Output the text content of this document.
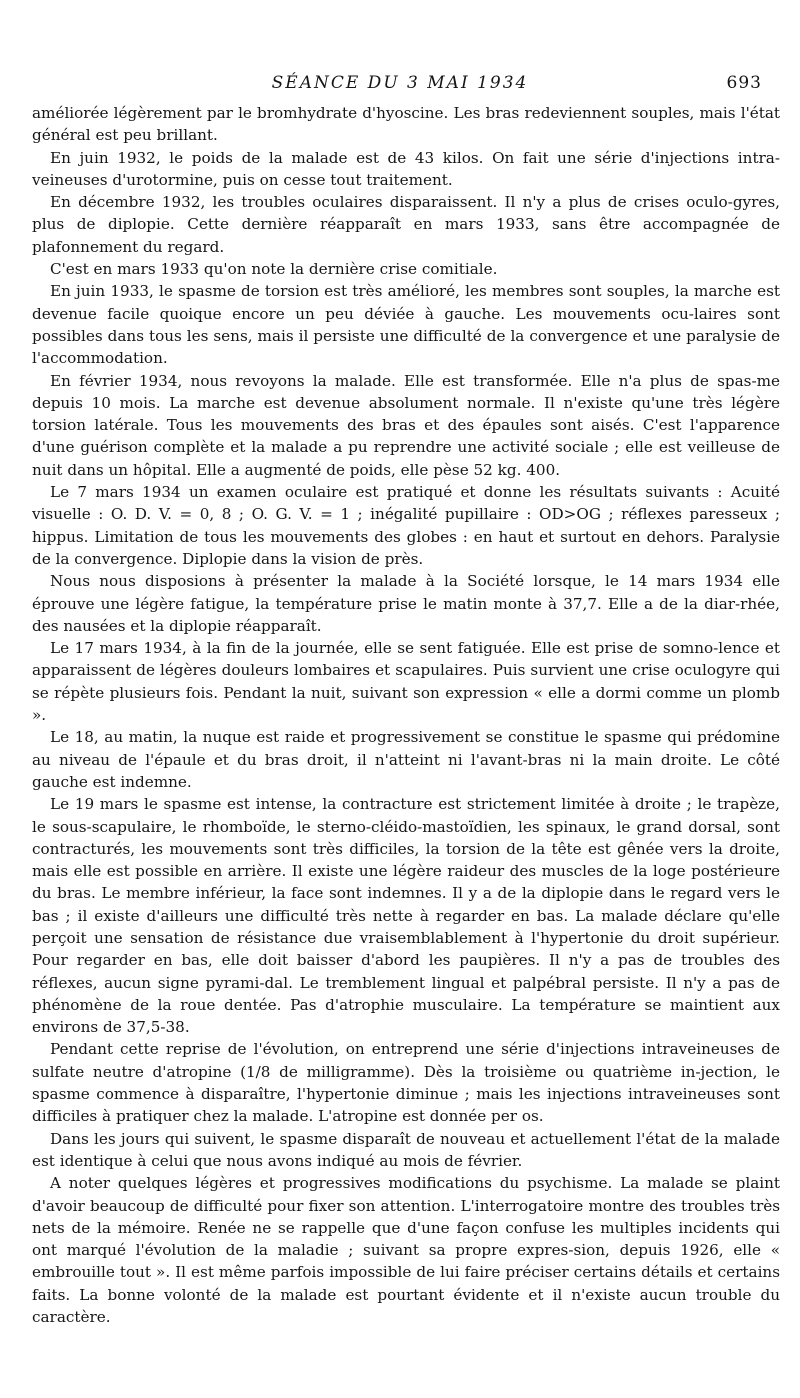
SÉANCE DU 3 MAI 1934	693

améliorée légèrement par le bromhydrate d'hyoscine. Les bras redeviennent souples, mais l'état général est peu brillant.

En juin 1932, le poids de la malade est de 43 kilos. On fait une série d'injections intra-veineuses d'urotormine, puis on cesse tout traitement.

En décembre 1932, les troubles oculaires disparaissent. Il n'y a plus de crises oculo-gyres, plus de diplopie. Cette dernière réapparaît en mars 1933, sans être accompagnée de plafonnement du regard.

C'est en mars 1933 qu'on note la dernière crise comitiale.

En juin 1933, le spasme de torsion est très amélioré, les membres sont souples, la marche est devenue facile quoique encore un peu déviée à gauche. Les mouvements ocu-laires sont possibles dans tous les sens, mais il persiste une difficulté de la convergence et une paralysie de l'accommodation.

En février 1934, nous revoyons la malade. Elle est transformée. Elle n'a plus de spas-me depuis 10 mois. La marche est devenue absolument normale. Il n'existe qu'une très légère torsion latérale. Tous les mouvements des bras et des épaules sont aisés. C'est l'apparence d'une guérison complète et la malade a pu reprendre une activité sociale ; elle est veilleuse de nuit dans un hôpital. Elle a augmenté de poids, elle pèse 52 kg. 400.

Le 7 mars 1934 un examen oculaire est pratiqué et donne les résultats suivants : Acuité visuelle : O. D. V. = 0, 8 ; O. G. V. = 1 ; inégalité pupillaire : OD>OG ; réflexes paresseux ; hippus. Limitation de tous les mouvements des globes : en haut et surtout en dehors. Paralysie de la convergence. Diplopie dans la vision de près.

Nous nous disposions à présenter la malade à la Société lorsque, le 14 mars 1934 elle éprouve une légère fatigue, la température prise le matin monte à 37,7. Elle a de la diar-rhée, des nausées et la diplopie réapparaît.

Le 17 mars 1934, à la fin de la journée, elle se sent fatiguée. Elle est prise de somno-lence et apparaissent de légères douleurs lombaires et scapulaires. Puis survient une crise oculogyre qui se répète plusieurs fois. Pendant la nuit, suivant son expression « elle a dormi comme un plomb ».

Le 18, au matin, la nuque est raide et progressivement se constitue le spasme qui prédomine au niveau de l'épaule et du bras droit, il n'atteint ni l'avant-bras ni la main droite. Le côté gauche est indemne.

Le 19 mars le spasme est intense, la contracture est strictement limitée à droite ; le trapèze, le sous-scapulaire, le rhomboïde, le sterno-cléido-mastoïdien, les spinaux, le grand dorsal, sont contracturés, les mouvements sont très difficiles, la torsion de la tête est gênée vers la droite, mais elle est possible en arrière. Il existe une légère raideur des muscles de la loge postérieure du bras. Le membre inférieur, la face sont indemnes. Il y a de la diplopie dans le regard vers le bas ; il existe d'ailleurs une difficulté très nette à regarder en bas. La malade déclare qu'elle perçoit une sensation de résistance due vraisemblablement à l'hypertonie du droit supérieur. Pour regarder en bas, elle doit baisser d'abord les paupières. Il n'y a pas de troubles des réflexes, aucun signe pyrami-dal. Le tremblement lingual et palpébral persiste. Il n'y a pas de phénomène de la roue dentée. Pas d'atrophie musculaire. La température se maintient aux environs de 37,5-38.

Pendant cette reprise de l'évolution, on entreprend une série d'injections intraveineuses de sulfate neutre d'atropine (1/8 de milligramme). Dès la troisième ou quatrième in-jection, le spasme commence à disparaître, l'hypertonie diminue ; mais les injections intraveineuses sont difficiles à pratiquer chez la malade. L'atropine est donnée per os.

Dans les jours qui suivent, le spasme disparaît de nouveau et actuellement l'état de la malade est identique à celui que nous avons indiqué au mois de février.

A noter quelques légères et progressives modifications du psychisme. La malade se plaint d'avoir beaucoup de difficulté pour fixer son attention. L'interrogatoire montre des troubles très nets de la mémoire. Renée ne se rappelle que d'une façon confuse les multiples incidents qui ont marqué l'évolution de la maladie ; suivant sa propre expres-sion, depuis 1926, elle « embrouille tout ». Il est même parfois impossible de lui faire préciser certains détails et certains faits. La bonne volonté de la malade est pourtant évidente et il n'existe aucun trouble du caractère.
